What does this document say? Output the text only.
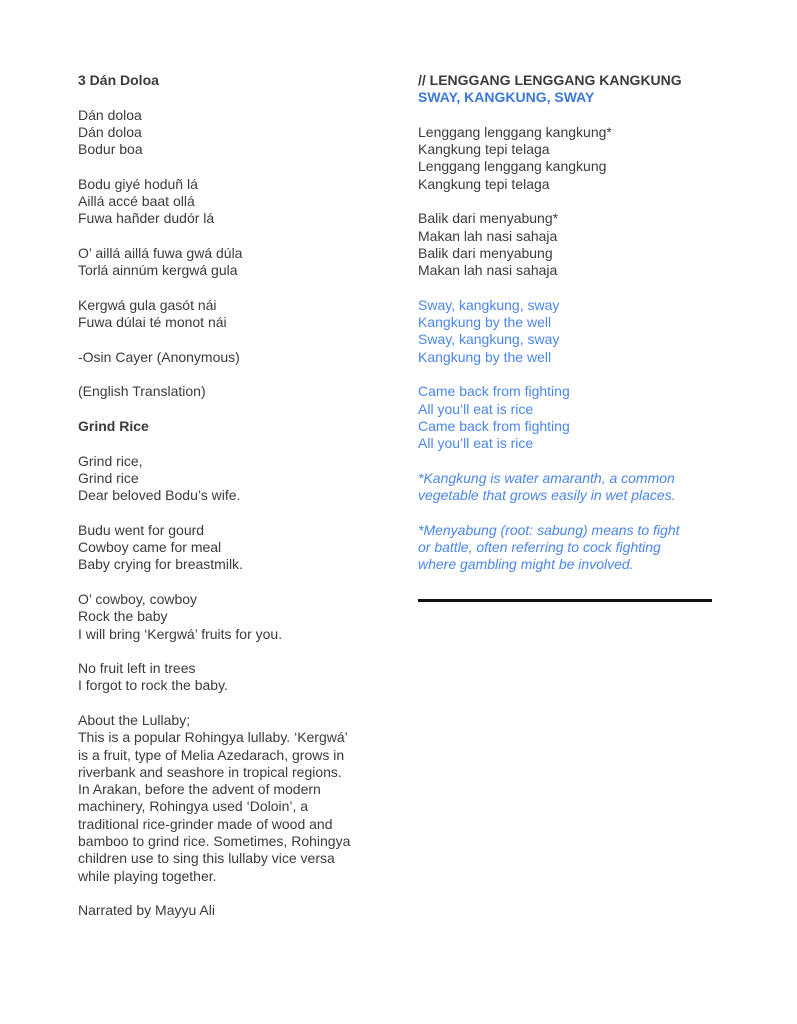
3 Dán Doloa
Dán doloa
Dán doloa
Bodur boa
Bodu giyé hoduñ lá
Aillá accé baat ollá
Fuwa hañder dudór lá
O’ aillá aillá fuwa gwá dúla
Torlá ainnúm kergwá gula
Kergwá gula gasót nái
Fuwa dúlai té monot nái
-Osin Cayer (Anonymous)
(English Translation)
Grind Rice
Grind rice,
Grind rice
Dear beloved Bodu’s wife.
Budu went for gourd
Cowboy came for meal
Baby crying for breastmilk.
O’ cowboy, cowboy
Rock the baby
I will bring ‘Kergwá’ fruits for you.
No fruit left in trees
I forgot to rock the baby.
About the Lullaby;
This is a popular Rohingya lullaby. ‘Kergwá’
is a fruit, type of Melia Azedarach, grows in
riverbank and seashore in tropical regions.
In Arakan, before the advent of modern
machinery, Rohingya used ‘Doloin’, a
traditional rice-grinder made of wood and
bamboo to grind rice. Sometimes, Rohingya
children use to sing this lullaby vice versa
while playing together.
Narrated by Mayyu Ali
// LENGGANG LENGGANG KANGKUNG
SWAY, KANGKUNG, SWAY
Lenggang lenggang kangkung*
Kangkung tepi telaga
Lenggang lenggang kangkung
Kangkung tepi telaga
Balik dari menyabung*
Makan lah nasi sahaja
Balik dari menyabung
Makan lah nasi sahaja
Sway, kangkung, sway
Kangkung by the well
Sway, kangkung, sway
Kangkung by the well
Came back from fighting
All you’ll eat is rice
Came back from fighting
All you’ll eat is rice
*Kangkung is water amaranth, a common
vegetable that grows easily in wet places.
*Menyabung (root: sabung) means to fight
or battle, often referring to cock fighting
where gambling might be involved.
